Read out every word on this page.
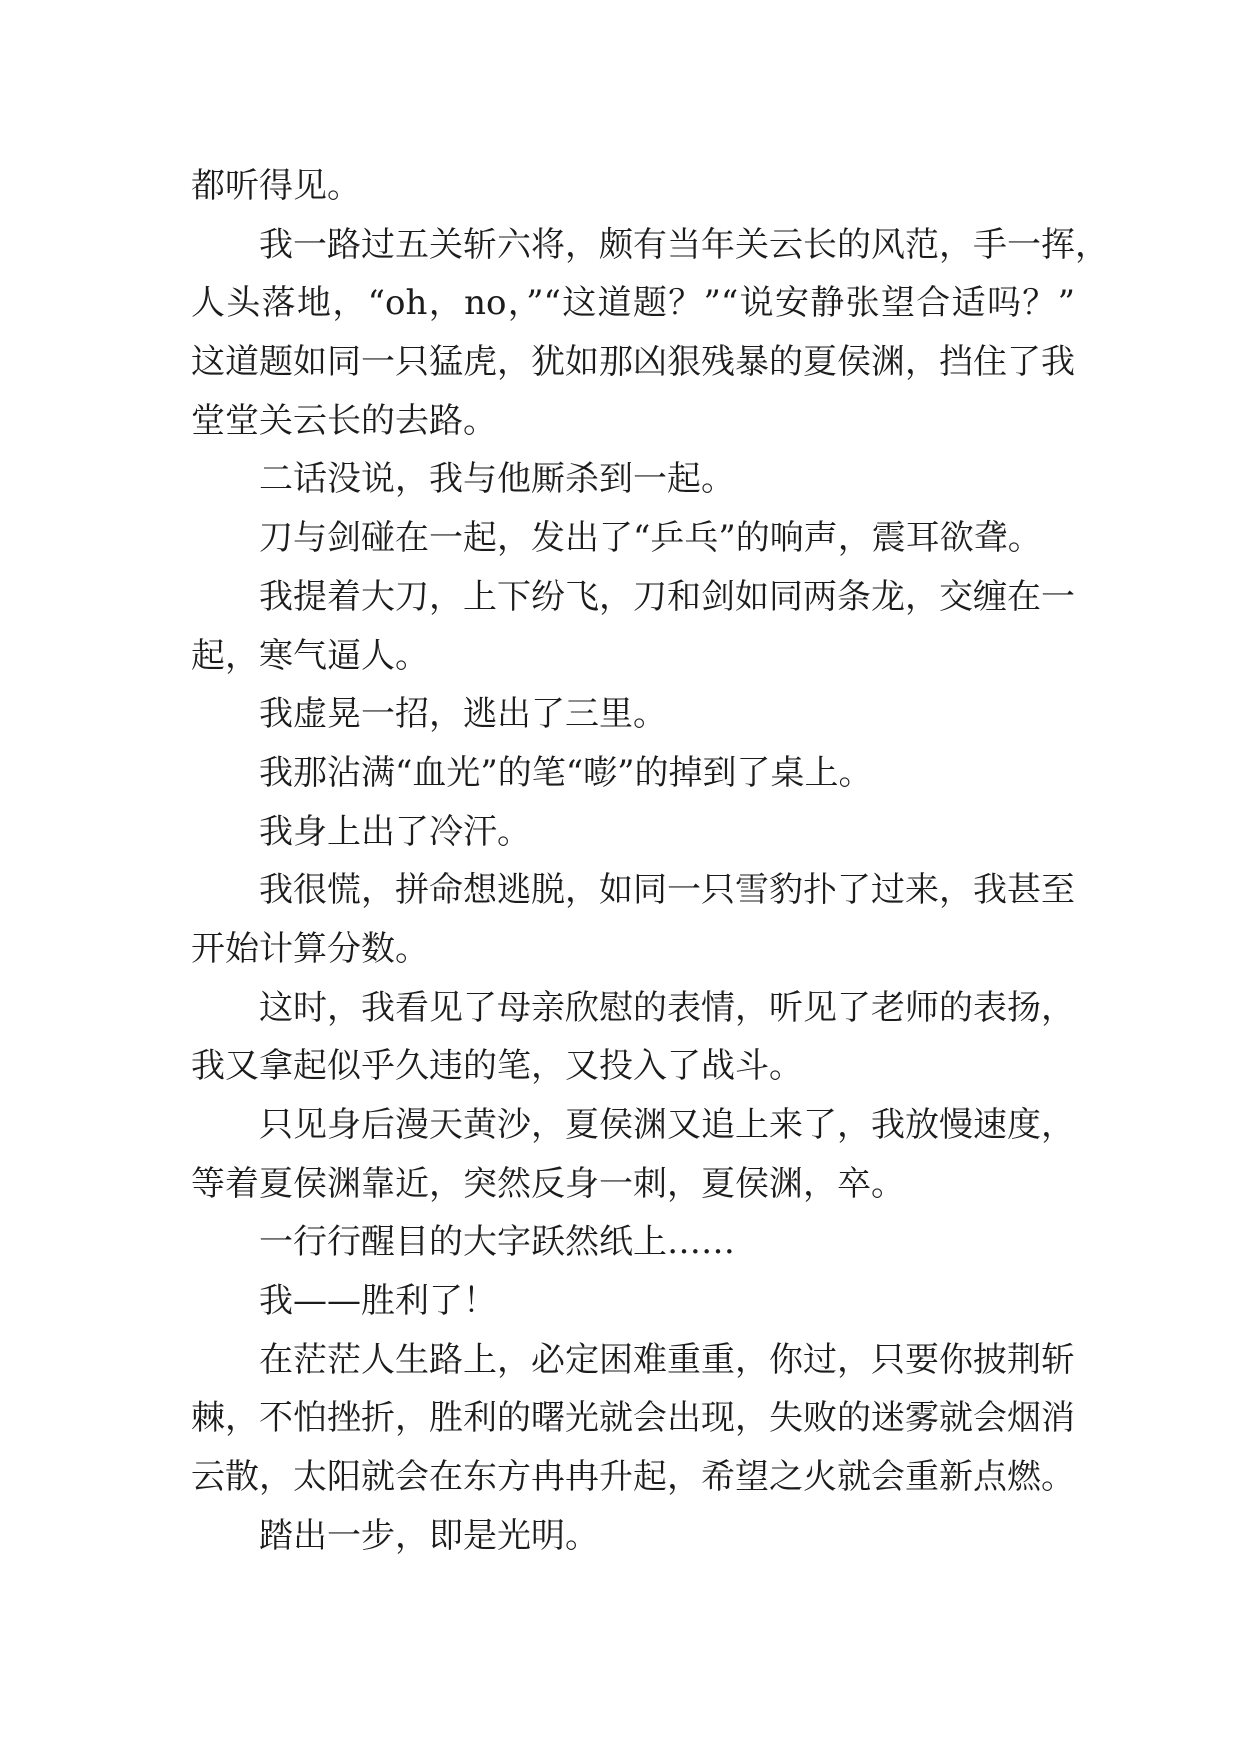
都听得见。
我一路过五关斩六将，颇有当年关云长的风范，手一挥，
人头落地，“oh，no，”“这道题？”“说安静张望合适吗？”
这道题如同一只猛虎，犹如那凶狠残暴的夏侯渊，挡住了我
堂堂关云长的去路。
二话没说，我与他厮杀到一起。
刀与剑碰在一起，发出了“乒乓”的响声，震耳欲聋。
我提着大刀，上下纷飞，刀和剑如同两条龙，交缠在一
起，寒气逼人。
我虚晃一招，逃出了三里。
我那沾满“血光”的笔“嘭”的掉到了桌上。
我身上出了冷汗。
我很慌，拼命想逃脱，如同一只雪豹扑了过来，我甚至
开始计算分数。
这时，我看见了母亲欣慰的表情，听见了老师的表扬，
我又拿起似乎久违的笔，又投入了战斗。
只见身后漫天黄沙，夏侯渊又追上来了，我放慢速度，
等着夏侯渊靠近，突然反身一刺，夏侯渊，卒。
一行行醒目的大字跃然纸上……
我——胜利了！
在茫茫人生路上，必定困难重重，你过，只要你披荆斩
棘，不怕挫折，胜利的曙光就会出现，失败的迷雾就会烟消
云散，太阳就会在东方冉冉升起，希望之火就会重新点燃。
踏出一步，即是光明。
